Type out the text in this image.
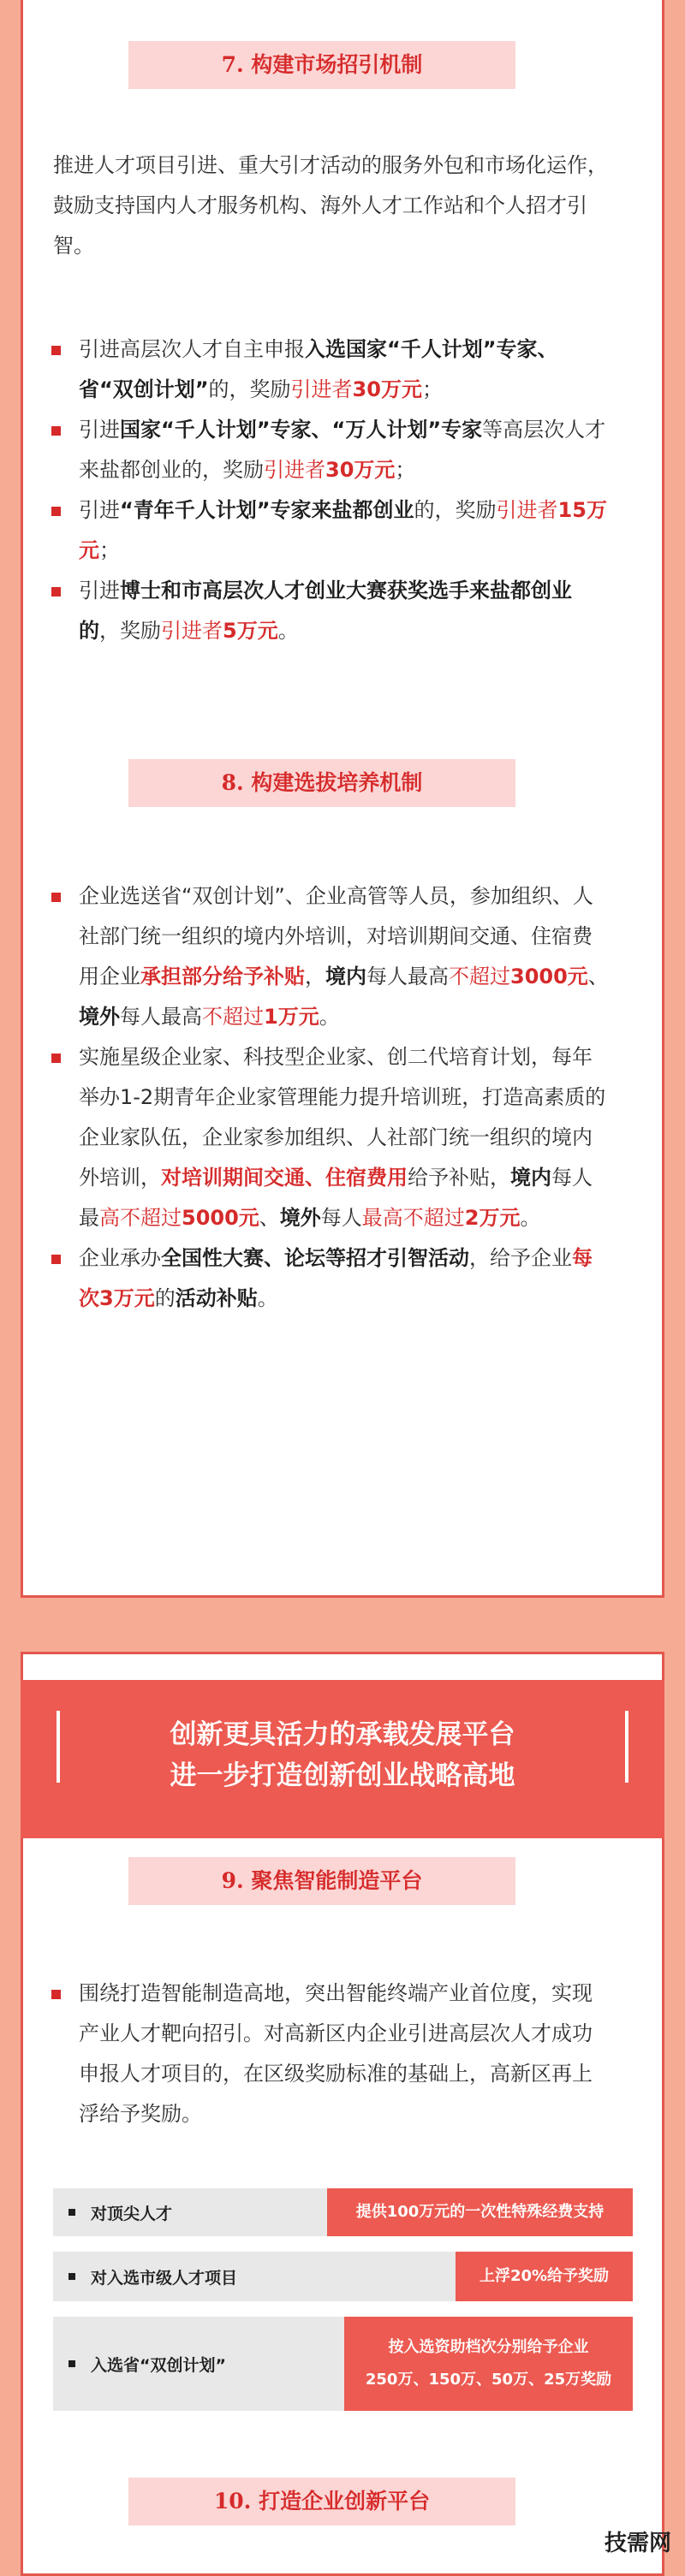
7. 构建市场招引机制
推进人才项目引进、重大引才活动的服务外包和市场化运作，鼓励支持国内人才服务机构、海外人才工作站和个人招才引智。
引进高层次人才自主申报入选国家“千人计划”专家、省“双创计划”的，奖励引进者30万元；
引进国家“千人计划”专家、“万人计划”专家等高层次人才来盐都创业的，奖励引进者30万元；
引进“青年千人计划”专家来盐都创业的，奖励引进者15万元；
引进博士和市高层次人才创业大赛获奖选手来盐都创业的，奖励引进者5万元。
8. 构建选拔培养机制
企业选送省“双创计划”、企业高管等人员，参加组织、人社部门统一组织的境内外培训，对培训期间交通、住宿费用企业承担部分给予补贴，境内每人最高不超过3000元、境外每人最高不超过1万元。
实施星级企业家、科技型企业家、创二代培育计划，每年举办1-2期青年企业家管理能力提升培训班，打造高素质的企业家队伍，企业家参加组织、人社部门统一组织的境内外培训，对培训期间交通、住宿费用给予补贴，境内每人最高不超过5000元、境外每人最高不超过2万元。
企业承办全国性大赛、论坛等招才引智活动，给予企业每次3万元的活动补贴。
创新更具活力的承载发展平台
进一步打造创新创业战略高地
9. 聚焦智能制造平台
围绕打造智能制造高地，突出智能终端产业首位度，实现产业人才靶向招引。对高新区内企业引进高层次人才成功申报人才项目的，在区级奖励标准的基础上，高新区再上浮给予奖励。
对顶尖人才	提供100万元的一次性特殊经费支持
对入选市级人才项目	上浮20%给予奖励
入选省“双创计划”
按入选资助档次分别给予企业
250万、150万、50万、25万奖励
10. 打造企业创新平台
技需网
